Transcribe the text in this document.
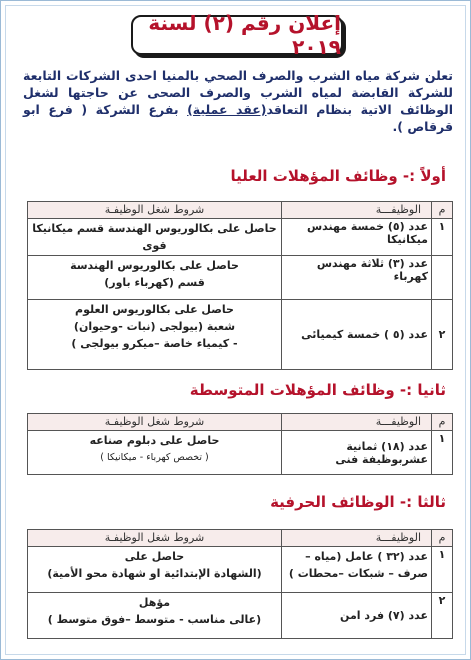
إعلان رقم (٢) لسنة ٢٠١٩
تعلن شركة مياه الشرب والصرف الصحي بالمنيا احدى الشركات التابعة للشركة القابضة لمياه الشرب والصرف الصحى عن حاجتها لشغل الوظائف الاتية بنظام التعاقد(عقد عملية) بفرع الشركة ( فرع ابو قرقاص ).
أولاً :- وظائف المؤهلات العليا
م	الوظيفـــة	شروط شغل الوظيفـة
١	عدد (٥) خمسة مهندس ميكانيكا	حاصل على بكالوريوس الهندسة قسم ميكانيكا قوى

	عدد (٣) ثلاثة مهندس كهرباء	حاصل على بكالوريوس الهندسة
قسم (كهرباء باور)

٢	عدد (٥ ) خمسة كيميائى	حاصل على بكالوريوس العلوم
شعبة (بيولجى (نبات -وحيوان)
- كيمياء خاصة –ميكرو بيولجى )
ثانيا :- وظائف المؤهلات المتوسطة
م	الوظيفـــة	شروط شغل الوظيفـة
١	عدد (١٨) ثمانية عشربوظيفة فنى	حاصل على دبلوم صناعه
( تخصص كهرباء - ميكانيكا )
ثالثا :- الوظائف الحرفية
م	الوظيفـــة	شروط شغل الوظيفـة
١	عدد (٣٢ ) عامل (مياه –صرف – شبكات –محطات )	حاصل على
(الشهادة الإبتدائية او شهادة محو الأمية)

٢	عدد (٧) فرد امن	مؤهل
(عالى مناسب - متوسط –فوق متوسط )
